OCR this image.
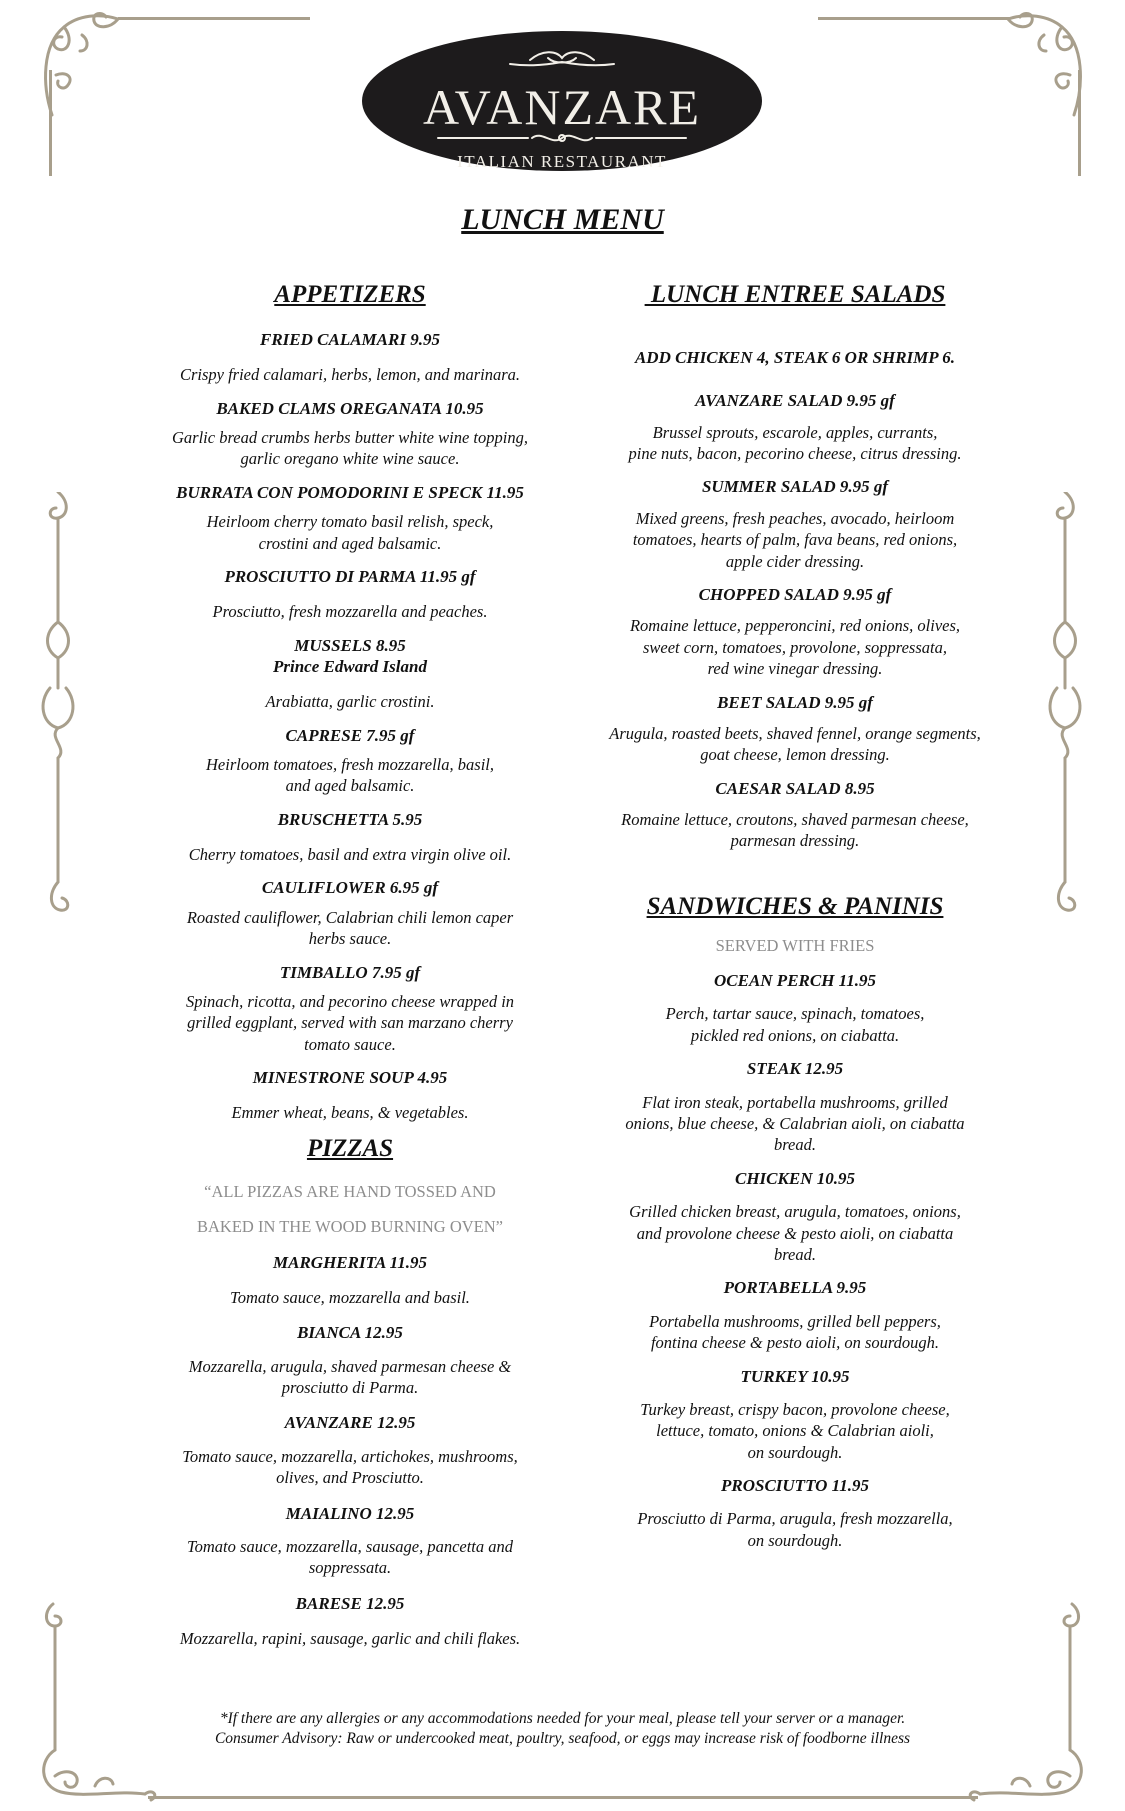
AVANZARE
ITALIAN RESTAURANT
LUNCH MENU
APPETIZERS
FRIED CALAMARI 9.95
Crispy fried calamari, herbs, lemon, and marinara.
BAKED CLAMS OREGANATA 10.95
Garlic bread crumbs herbs butter white wine topping,
garlic oregano white wine sauce.
BURRATA CON POMODORINI E SPECK 11.95
Heirloom cherry tomato basil relish, speck,
crostini and aged balsamic.
PROSCIUTTO DI PARMA 11.95 gf
Prosciutto, fresh mozzarella and peaches.
MUSSELS 8.95
Prince Edward Island
Arabiatta, garlic crostini.
CAPRESE 7.95 gf
Heirloom tomatoes, fresh mozzarella, basil,
and aged balsamic.
BRUSCHETTA 5.95
Cherry tomatoes, basil and extra virgin olive oil.
CAULIFLOWER 6.95 gf
Roasted cauliflower, Calabrian chili lemon caper
herbs sauce.
TIMBALLO 7.95 gf
Spinach, ricotta, and pecorino cheese wrapped in
grilled eggplant, served with san marzano cherry
tomato sauce.
MINESTRONE SOUP 4.95
Emmer wheat, beans, & vegetables.
PIZZAS
“ALL PIZZAS ARE HAND TOSSED AND
BAKED IN THE WOOD BURNING OVEN”
MARGHERITA 11.95
Tomato sauce, mozzarella and basil.
BIANCA 12.95
Mozzarella, arugula, shaved parmesan cheese &
prosciutto di Parma.
AVANZARE 12.95
Tomato sauce, mozzarella, artichokes, mushrooms,
olives, and Prosciutto.
MAIALINO 12.95
Tomato sauce, mozzarella, sausage, pancetta and
soppressata.
BARESE 12.95
Mozzarella, rapini, sausage, garlic and chili flakes.
LUNCH ENTREE SALADS
ADD CHICKEN 4, STEAK 6 OR SHRIMP 6.
AVANZARE SALAD 9.95 gf
Brussel sprouts, escarole, apples, currants,
pine nuts, bacon, pecorino cheese, citrus dressing.
SUMMER SALAD 9.95 gf
Mixed greens, fresh peaches, avocado, heirloom
tomatoes, hearts of palm, fava beans, red onions,
apple cider dressing.
CHOPPED SALAD 9.95 gf
Romaine lettuce, pepperoncini, red onions, olives,
sweet corn, tomatoes, provolone, soppressata,
red wine vinegar dressing.
BEET SALAD 9.95 gf
Arugula, roasted beets, shaved fennel, orange segments,
goat cheese, lemon dressing.
CAESAR SALAD 8.95
Romaine lettuce, croutons, shaved parmesan cheese,
parmesan dressing.
SANDWICHES & PANINIS
SERVED WITH FRIES
OCEAN PERCH 11.95
Perch, tartar sauce, spinach, tomatoes,
pickled red onions, on ciabatta.
STEAK 12.95
Flat iron steak, portabella mushrooms, grilled
onions, blue cheese, & Calabrian aioli, on ciabatta
bread.
CHICKEN 10.95
Grilled chicken breast, arugula, tomatoes, onions,
and provolone cheese & pesto aioli, on ciabatta
bread.
PORTABELLA 9.95
Portabella mushrooms, grilled bell peppers,
fontina cheese & pesto aioli, on sourdough.
TURKEY 10.95
Turkey breast, crispy bacon, provolone cheese,
lettuce, tomato, onions & Calabrian aioli,
on sourdough.
PROSCIUTTO 11.95
Prosciutto di Parma, arugula, fresh mozzarella,
on sourdough.
*If there are any allergies or any accommodations needed for your meal, please tell your server or a manager.
Consumer Advisory: Raw or undercooked meat, poultry, seafood, or eggs may increase risk of foodborne illness
